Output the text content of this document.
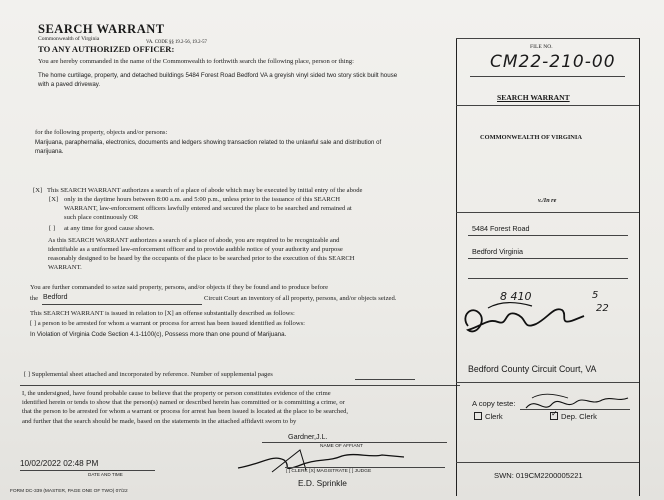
SEARCH WARRANT
Commonwealth of Virginia
VA. CODE §§ 19.2-56, 19.2-57
TO ANY AUTHORIZED OFFICER:
You are hereby commanded in the name of the Commonwealth to forthwith search the following place, person or thing:
The home curtilage, property, and detached buildings 5484 Forest Road Bedford VA a greyish vinyl sided two story stick built house
with a paved driveway.
for the following property, objects and/or persons:
Marijuana, paraphernalia, electronics, documents and ledgers showing transaction related to the unlawful sale and distribution of
marijuana.
[X] This SEARCH WARRANT authorizes a search of a place of abode which may be executed by initial entry of the abode
[X] only in the daytime hours between 8:00 a.m. and 5:00 p.m., unless prior to the issuance of this SEARCH
WARRANT, law-enforcement officers lawfully entered and secured the place to be searched and remained at
such place continuously OR
[ ] at any time for good cause shown.
As this SEARCH WARRANT authorizes a search of a place of abode, you are required to be recognizable and
identifiable as a uniformed law-enforcement officer and to provide audible notice of your authority and purpose
reasonably designed to be heard by the occupants of the place to be searched prior to the execution of this SEARCH
WARRANT.
You are further commanded to seize said property, persons, and/or objects if they be found and to produce before
the Bedford	Circuit Court an inventory of all property, persons, and/or objects seized.
This SEARCH WARRANT is issued in relation to [X] an offense substantially described as follows:
[ ] a person to be arrested for whom a warrant or process for arrest has been issued identified as follows:
In Violation of Virginia Code Section 4.1-1100(c), Possess more than one pound of Marijuana.
[ ] Supplemental sheet attached and incorporated by reference. Number of supplemental pages
I, the undersigned, have found probable cause to believe that the property or person constitutes evidence of the crime
identified herein or tends to show that the person(s) named or described herein has committed or is committing a crime, or
that the person to be arrested for whom a warrant or process for arrest has been issued is located at the place to be searched,
and further that the search should be made, based on the statements in the attached affidavit sworn to by
Gardner,J.L.
NAME OF AFFIANT
10/02/2022 02:48 PM
DATE AND TIME
[ ] CLERK [X] MAGISTRATE [ ] JUDGE
E.D. Sprinkle
FORM DC-339 (MASTER, PAGE ONE OF TWO) 07/22
FILE NO.
CM22-210-00
SEARCH WARRANT
COMMONWEALTH OF VIRGINIA
v./In re
5484 Forest Road
Bedford Virginia
8 410	5
22
Bedford County Circuit Court, VA
A copy teste:
Clerk	✓ Dep. Clerk
SWN: 019CM2200005221
